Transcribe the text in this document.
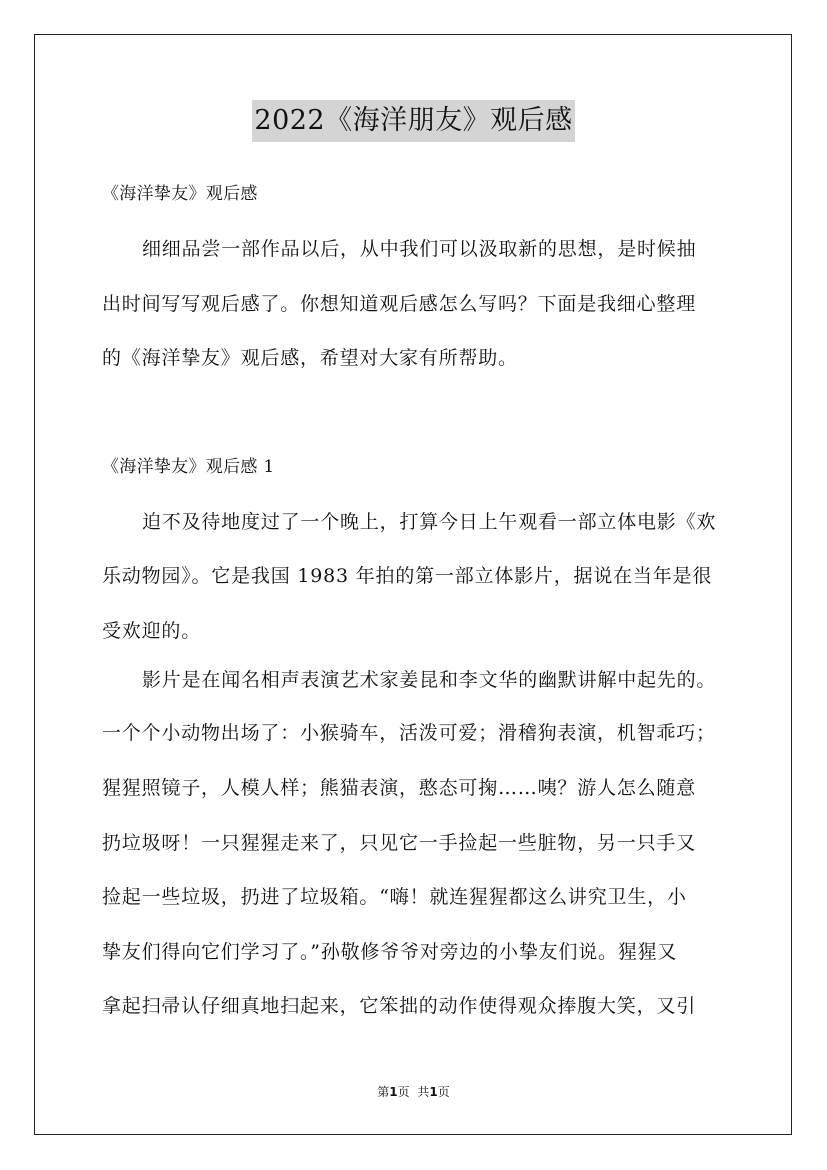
2022《海洋朋友》观后感
《海洋挚友》观后感
细细品尝一部作品以后，从中我们可以汲取新的思想，是时候抽
出时间写写观后感了。你想知道观后感怎么写吗？下面是我细心整理
的《海洋挚友》观后感，希望对大家有所帮助。
《海洋挚友》观后感 1
迫不及待地度过了一个晚上，打算今日上午观看一部立体电影《欢
乐动物园》。它是我国 1983 年拍的第一部立体影片，据说在当年是很
受欢迎的。
影片是在闻名相声表演艺术家姜昆和李文华的幽默讲解中起先的。
一个个小动物出场了：小猴骑车，活泼可爱；滑稽狗表演，机智乖巧；
猩猩照镜子，人模人样；熊猫表演，憨态可掬……咦？游人怎么随意
扔垃圾呀！一只猩猩走来了，只见它一手捡起一些脏物，另一只手又
捡起一些垃圾，扔进了垃圾箱。“嗨！就连猩猩都这么讲究卫生，小
挚友们得向它们学习了。”孙敬修爷爷对旁边的小挚友们说。猩猩又
拿起扫帚认仔细真地扫起来，它笨拙的动作使得观众捧腹大笑，又引
第1页 共1页
